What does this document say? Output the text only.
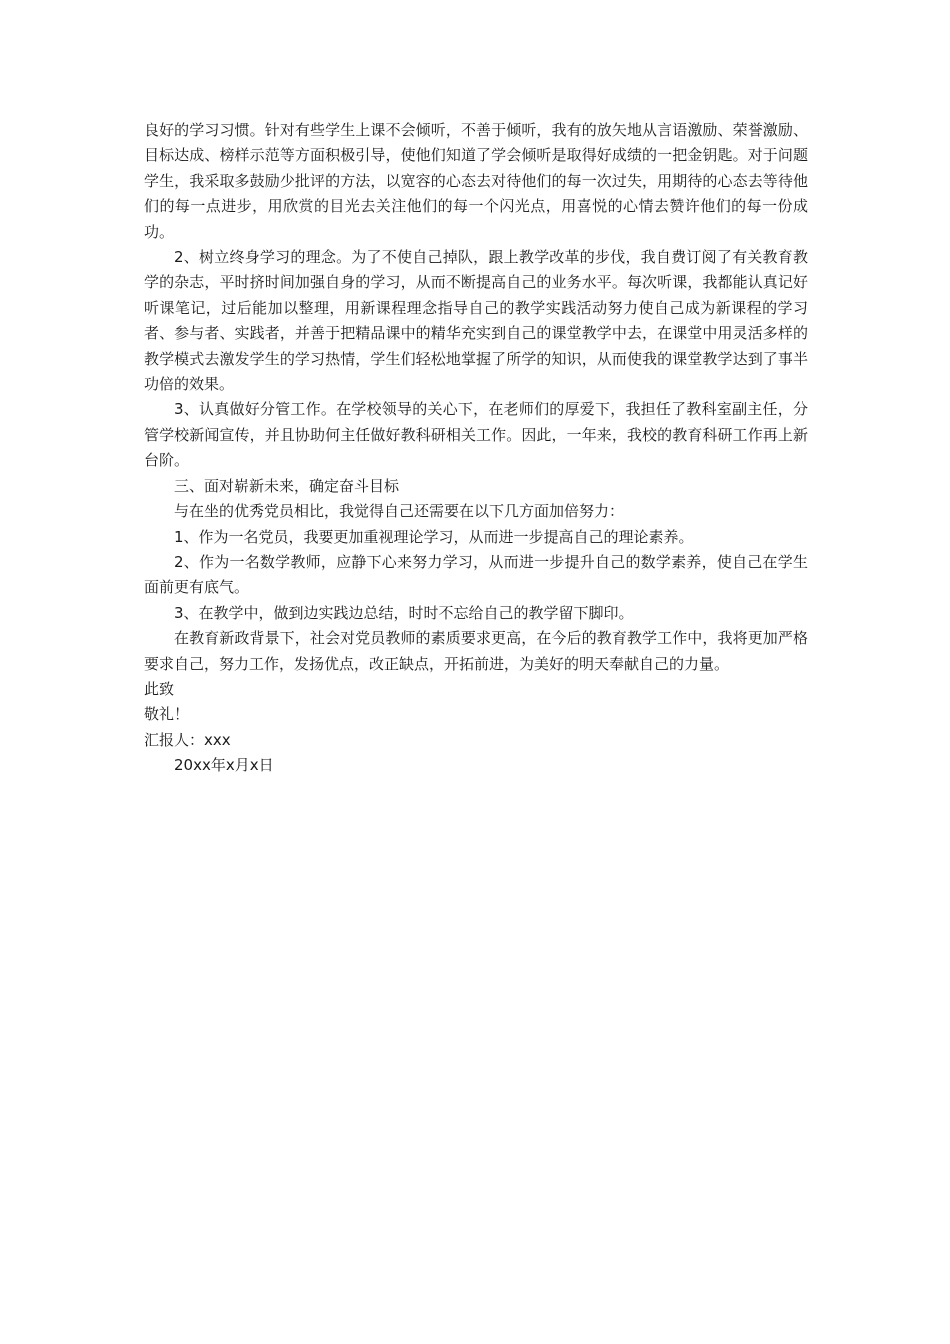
良好的学习习惯。针对有些学生上课不会倾听，不善于倾听，我有的放矢地从言语激励、荣誉激励、目标达成、榜样示范等方面积极引导，使他们知道了学会倾听是取得好成绩的一把金钥匙。对于问题学生，我采取多鼓励少批评的方法，以宽容的心态去对待他们的每一次过失，用期待的心态去等待他们的每一点进步，用欣赏的目光去关注他们的每一个闪光点，用喜悦的心情去赞许他们的每一份成功。

2、树立终身学习的理念。为了不使自己掉队，跟上教学改革的步伐，我自费订阅了有关教育教学的杂志，平时挤时间加强自身的学习，从而不断提高自己的业务水平。每次听课，我都能认真记好听课笔记，过后能加以整理，用新课程理念指导自己的教学实践活动努力使自己成为新课程的学习者、参与者、实践者，并善于把精品课中的精华充实到自己的课堂教学中去，在课堂中用灵活多样的教学模式去激发学生的学习热情，学生们轻松地掌握了所学的知识，从而使我的课堂教学达到了事半功倍的效果。

3、认真做好分管工作。在学校领导的关心下，在老师们的厚爱下，我担任了教科室副主任，分管学校新闻宣传，并且协助何主任做好教科研相关工作。因此，一年来，我校的教育科研工作再上新台阶。

三、面对崭新未来，确定奋斗目标

与在坐的优秀党员相比，我觉得自己还需要在以下几方面加倍努力：

1、作为一名党员，我要更加重视理论学习，从而进一步提高自己的理论素养。

2、作为一名数学教师，应静下心来努力学习，从而进一步提升自己的数学素养，使自己在学生面前更有底气。

3、在教学中，做到边实践边总结，时时不忘给自己的教学留下脚印。

在教育新政背景下，社会对党员教师的素质要求更高，在今后的教育教学工作中，我将更加严格要求自己，努力工作，发扬优点，改正缺点，开拓前进，为美好的明天奉献自己的力量。

此致

敬礼！

汇报人：xxx

20xx年x月x日
